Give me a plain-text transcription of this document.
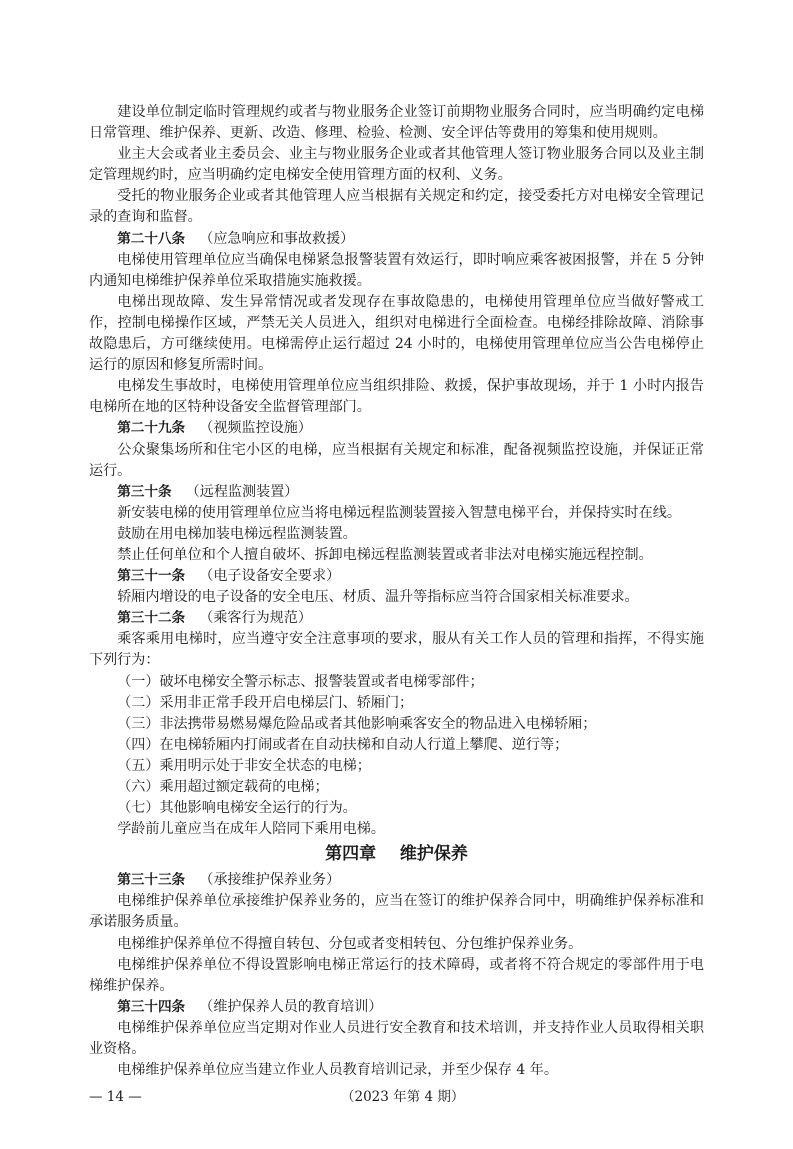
建设单位制定临时管理规约或者与物业服务企业签订前期物业服务合同时，应当明确约定电梯日常管理、维护保养、更新、改造、修理、检验、检测、安全评估等费用的筹集和使用规则。
业主大会或者业主委员会、业主与物业服务企业或者其他管理人签订物业服务合同以及业主制定管理规约时，应当明确约定电梯安全使用管理方面的权利、义务。
受托的物业服务企业或者其他管理人应当根据有关规定和约定，接受委托方对电梯安全管理记录的查询和监督。
第二十八条 （应急响应和事故救援）
电梯使用管理单位应当确保电梯紧急报警装置有效运行，即时响应乘客被困报警，并在 5 分钟内通知电梯维护保养单位采取措施实施救援。
电梯出现故障、发生异常情况或者发现存在事故隐患的，电梯使用管理单位应当做好警戒工作，控制电梯操作区域，严禁无关人员进入，组织对电梯进行全面检查。电梯经排除故障、消除事故隐患后，方可继续使用。电梯需停止运行超过 24 小时的，电梯使用管理单位应当公告电梯停止运行的原因和修复所需时间。
电梯发生事故时，电梯使用管理单位应当组织排险、救援，保护事故现场，并于 1 小时内报告电梯所在地的区特种设备安全监督管理部门。
第二十九条 （视频监控设施）
公众聚集场所和住宅小区的电梯，应当根据有关规定和标准，配备视频监控设施，并保证正常运行。
第三十条 （远程监测装置）
新安装电梯的使用管理单位应当将电梯远程监测装置接入智慧电梯平台，并保持实时在线。
鼓励在用电梯加装电梯远程监测装置。
禁止任何单位和个人擅自破坏、拆卸电梯远程监测装置或者非法对电梯实施远程控制。
第三十一条 （电子设备安全要求）
轿厢内增设的电子设备的安全电压、材质、温升等指标应当符合国家相关标准要求。
第三十二条 （乘客行为规范）
乘客乘用电梯时，应当遵守安全注意事项的要求，服从有关工作人员的管理和指挥，不得实施下列行为：
（一）破坏电梯安全警示标志、报警装置或者电梯零部件；
（二）采用非正常手段开启电梯层门、轿厢门；
（三）非法携带易燃易爆危险品或者其他影响乘客安全的物品进入电梯轿厢；
（四）在电梯轿厢内打闹或者在自动扶梯和自动人行道上攀爬、逆行等；
（五）乘用明示处于非安全状态的电梯；
（六）乘用超过额定载荷的电梯；
（七）其他影响电梯安全运行的行为。
学龄前儿童应当在成年人陪同下乘用电梯。
第四章 维护保养
第三十三条 （承接维护保养业务）
电梯维护保养单位承接维护保养业务的，应当在签订的维护保养合同中，明确维护保养标准和承诺服务质量。
电梯维护保养单位不得擅自转包、分包或者变相转包、分包维护保养业务。
电梯维护保养单位不得设置影响电梯正常运行的技术障碍，或者将不符合规定的零部件用于电梯维护保养。
第三十四条 （维护保养人员的教育培训）
电梯维护保养单位应当定期对作业人员进行安全教育和技术培训，并支持作业人员取得相关职业资格。
电梯维护保养单位应当建立作业人员教育培训记录，并至少保存 4 年。
— 14 —	（2023 年第 4 期）
